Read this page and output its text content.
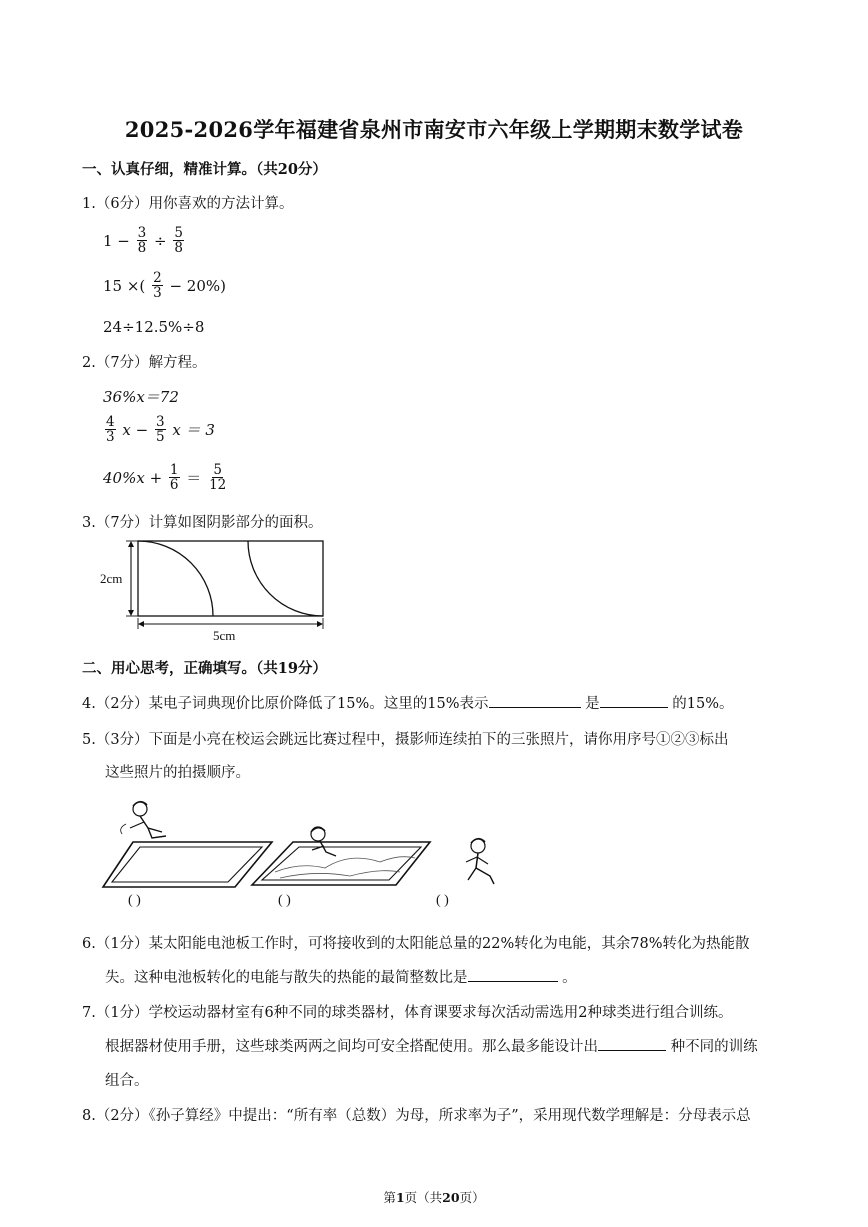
2025-2026学年福建省泉州市南安市六年级上学期期末数学试卷
一、认真仔细，精准计算。（共20分）
1.（6分）用你喜欢的方法计算。
$1 - \frac{3}{8} \div \frac{5}{8}$
15 ×( $\frac{2}{3} - 20\%$)
24÷12.5%÷8
2.（7分）解方程。
36%x＝72
$\frac{4}{3}$ $x - \frac{3}{5}$ x ＝ 3
$40\%x + \frac{1}{6} = \frac{5}{12}$
3.（7分）计算如图阴影部分的面积。
2cm
5cm
二、用心思考，正确填写。（共19分）
4.（2分）某电子词典现价比原价降低了15%。这里的15%表示	是	的15%。
5.（3分）下面是小亮在校运会跳远比赛过程中，摄影师连续拍下的三张照片，请你用序号①②③标出
这些照片的拍摄顺序。
( )	( )	( )
6.（1分）某太阳能电池板工作时，可将接收到的太阳能总量的22%转化为电能，其余78%转化为热能散
失。这种电池板转化的电能与散失的热能的最简整数比是	。
7.（1分）学校运动器材室有6种不同的球类器材，体育课要求每次活动需选用2种球类进行组合训练。
根据器材使用手册，这些球类两两之间均可安全搭配使用。那么最多能设计出	种不同的训练
组合。
8.（2分）《孙子算经》中提出：“所有率（总数）为母，所求率为子”，采用现代数学理解是：分母表示总
第1页（共20页）
